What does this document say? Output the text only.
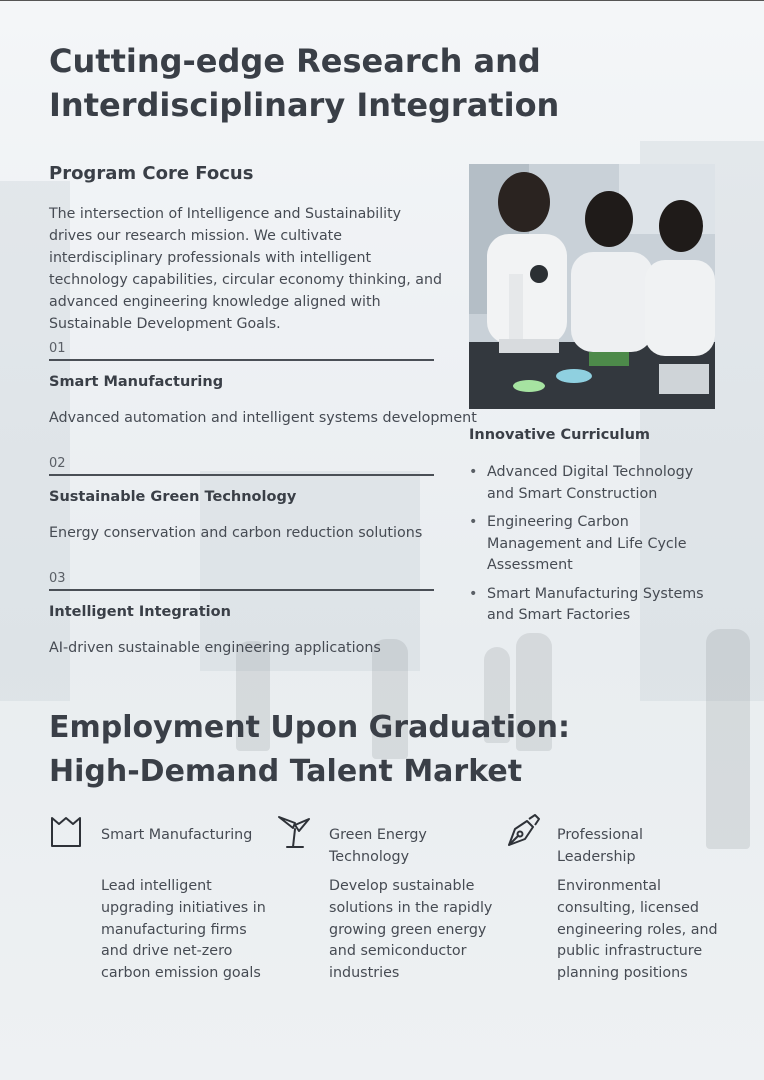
Cutting-edge Research and Interdisciplinary Integration
Program Core Focus

The intersection of Intelligence and Sustainability drives our research mission. We cultivate interdisciplinary professionals with intelligent technology capabilities, circular economy thinking, and advanced engineering knowledge aligned with Sustainable Development Goals.

01
Smart Manufacturing
Advanced automation and intelligent systems development
02
Sustainable Green Technology
Energy conservation and carbon reduction solutions
03
Intelligent Integration
AI-driven sustainable engineering applications
Innovative Curriculum
• Advanced Digital Technology and Smart Construction
• Engineering Carbon Management and Life Cycle Assessment
• Smart Manufacturing Systems and Smart Factories
Employment Upon Graduation:
High-Demand Talent Market
Smart Manufacturing
Lead intelligent upgrading initiatives in manufacturing firms and drive net-zero carbon emission goals
Green Energy Technology
Develop sustainable solutions in the rapidly growing green energy and semiconductor industries
Professional Leadership
Environmental consulting, licensed engineering roles, and public infrastructure planning positions
